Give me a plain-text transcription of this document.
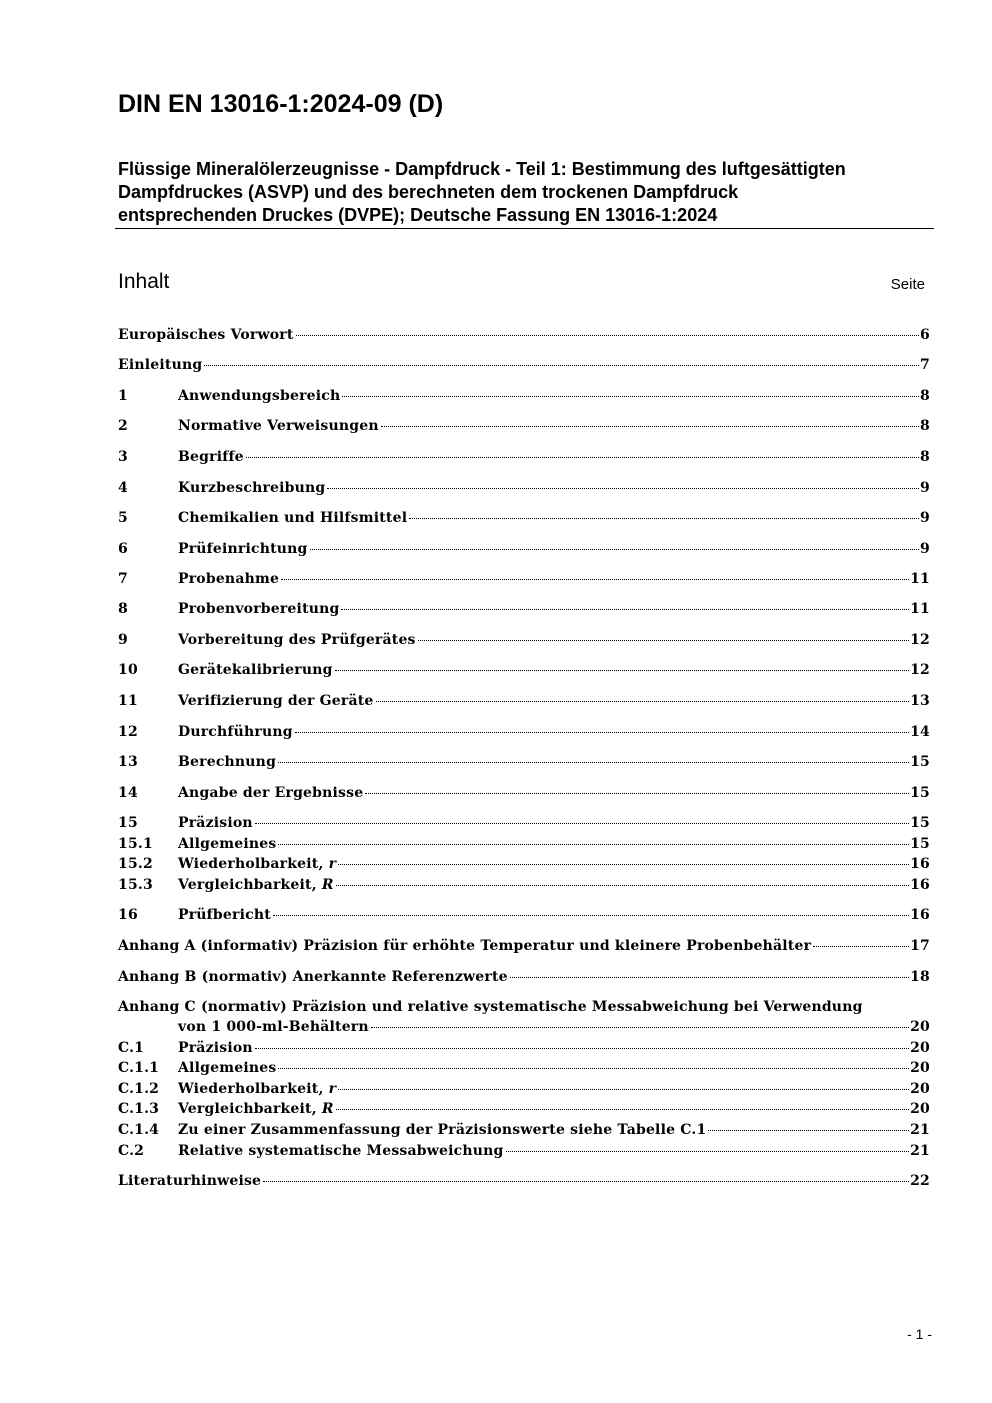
DIN EN 13016-1:2024-09 (D)
Flüssige Mineralölerzeugnisse - Dampfdruck - Teil 1: Bestimmung des luftgesättigten
Dampfdruckes (ASVP) und des berechneten dem trockenen Dampfdruck
entsprechenden Druckes (DVPE); Deutsche Fassung EN 13016-1:2024
Inhalt	Seite
Europäisches Vorwort	6
Einleitung	7
1	Anwendungsbereich	8
2	Normative Verweisungen	8
3	Begriffe	8
4	Kurzbeschreibung	9
5	Chemikalien und Hilfsmittel	9
6	Prüfeinrichtung	9
7	Probenahme	11
8	Probenvorbereitung	11
9	Vorbereitung des Prüfgerätes	12
10	Gerätekalibrierung	12
11	Verifizierung der Geräte	13
12	Durchführung	14
13	Berechnung	15
14	Angabe der Ergebnisse	15
15	Präzision	15
15.1	Allgemeines	15
15.2	Wiederholbarkeit, r	16
15.3	Vergleichbarkeit, R	16
16	Prüfbericht	16
Anhang A (informativ) Präzision für erhöhte Temperatur und kleinere Probenbehälter	17
Anhang B (normativ) Anerkannte Referenzwerte	18
Anhang C (normativ) Präzision und relative systematische Messabweichung bei Verwendung
von 1 000-ml-Behältern	20
C.1	Präzision	20
C.1.1	Allgemeines	20
C.1.2	Wiederholbarkeit, r	20
C.1.3	Vergleichbarkeit, R	20
C.1.4	Zu einer Zusammenfassung der Präzisionswerte siehe Tabelle C.1	21
C.2	Relative systematische Messabweichung	21
Literaturhinweise	22
- 1 -
